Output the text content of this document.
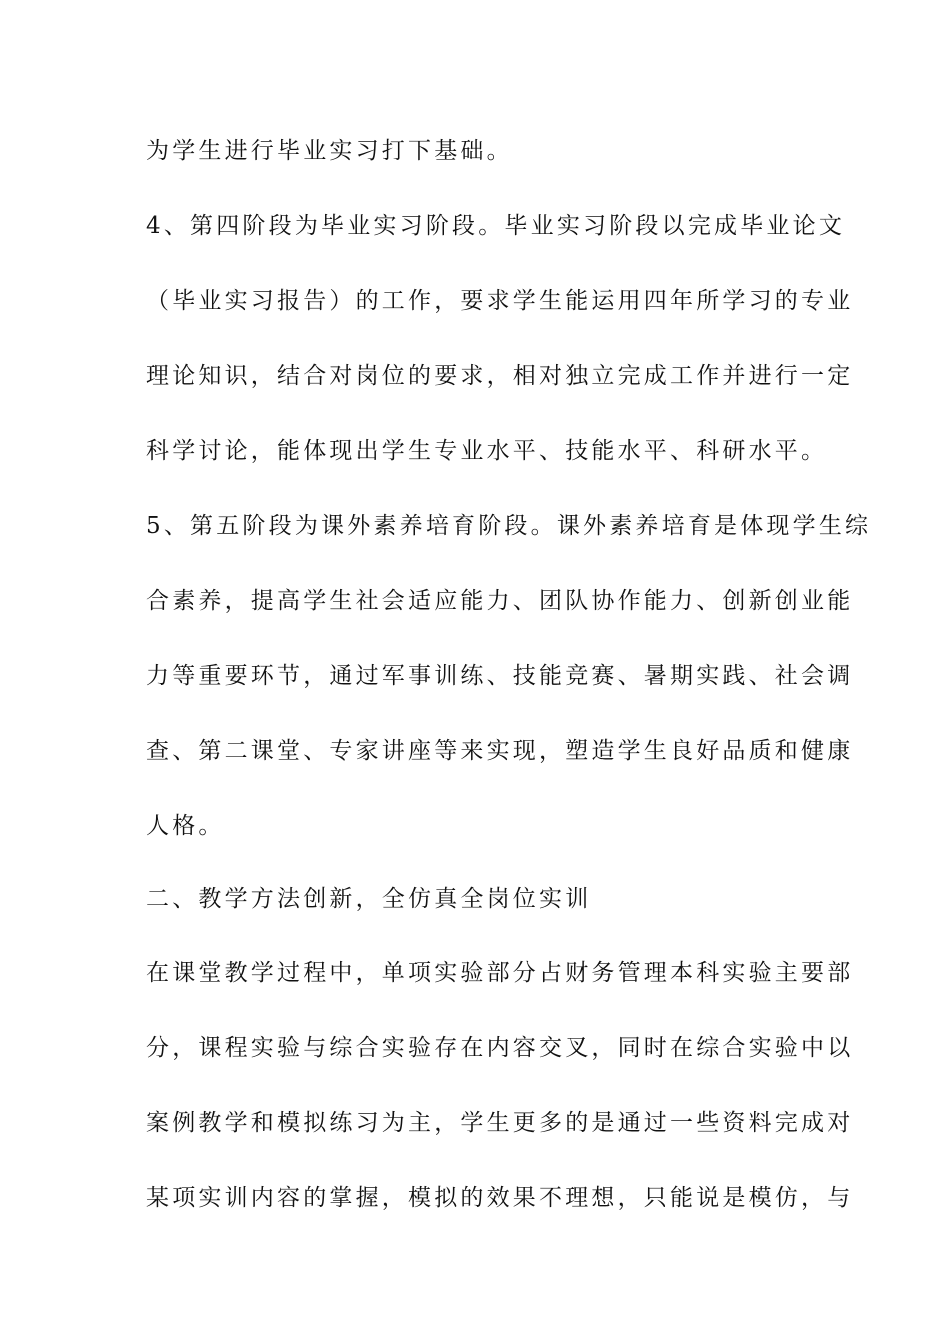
为学生进行毕业实习打下基础。
4、第四阶段为毕业实习阶段。毕业实习阶段以完成毕业论文
（毕业实习报告）的工作，要求学生能运用四年所学习的专业
理论知识，结合对岗位的要求，相对独立完成工作并进行一定
科学讨论，能体现出学生专业水平、技能水平、科研水平。
5、第五阶段为课外素养培育阶段。课外素养培育是体现学生综
合素养，提高学生社会适应能力、团队协作能力、创新创业能
力等重要环节，通过军事训练、技能竞赛、暑期实践、社会调
查、第二课堂、专家讲座等来实现，塑造学生良好品质和健康
人格。
二、教学方法创新，全仿真全岗位实训
在课堂教学过程中，单项实验部分占财务管理本科实验主要部
分，课程实验与综合实验存在内容交叉，同时在综合实验中以
案例教学和模拟练习为主，学生更多的是通过一些资料完成对
某项实训内容的掌握，模拟的效果不理想，只能说是模仿，与
